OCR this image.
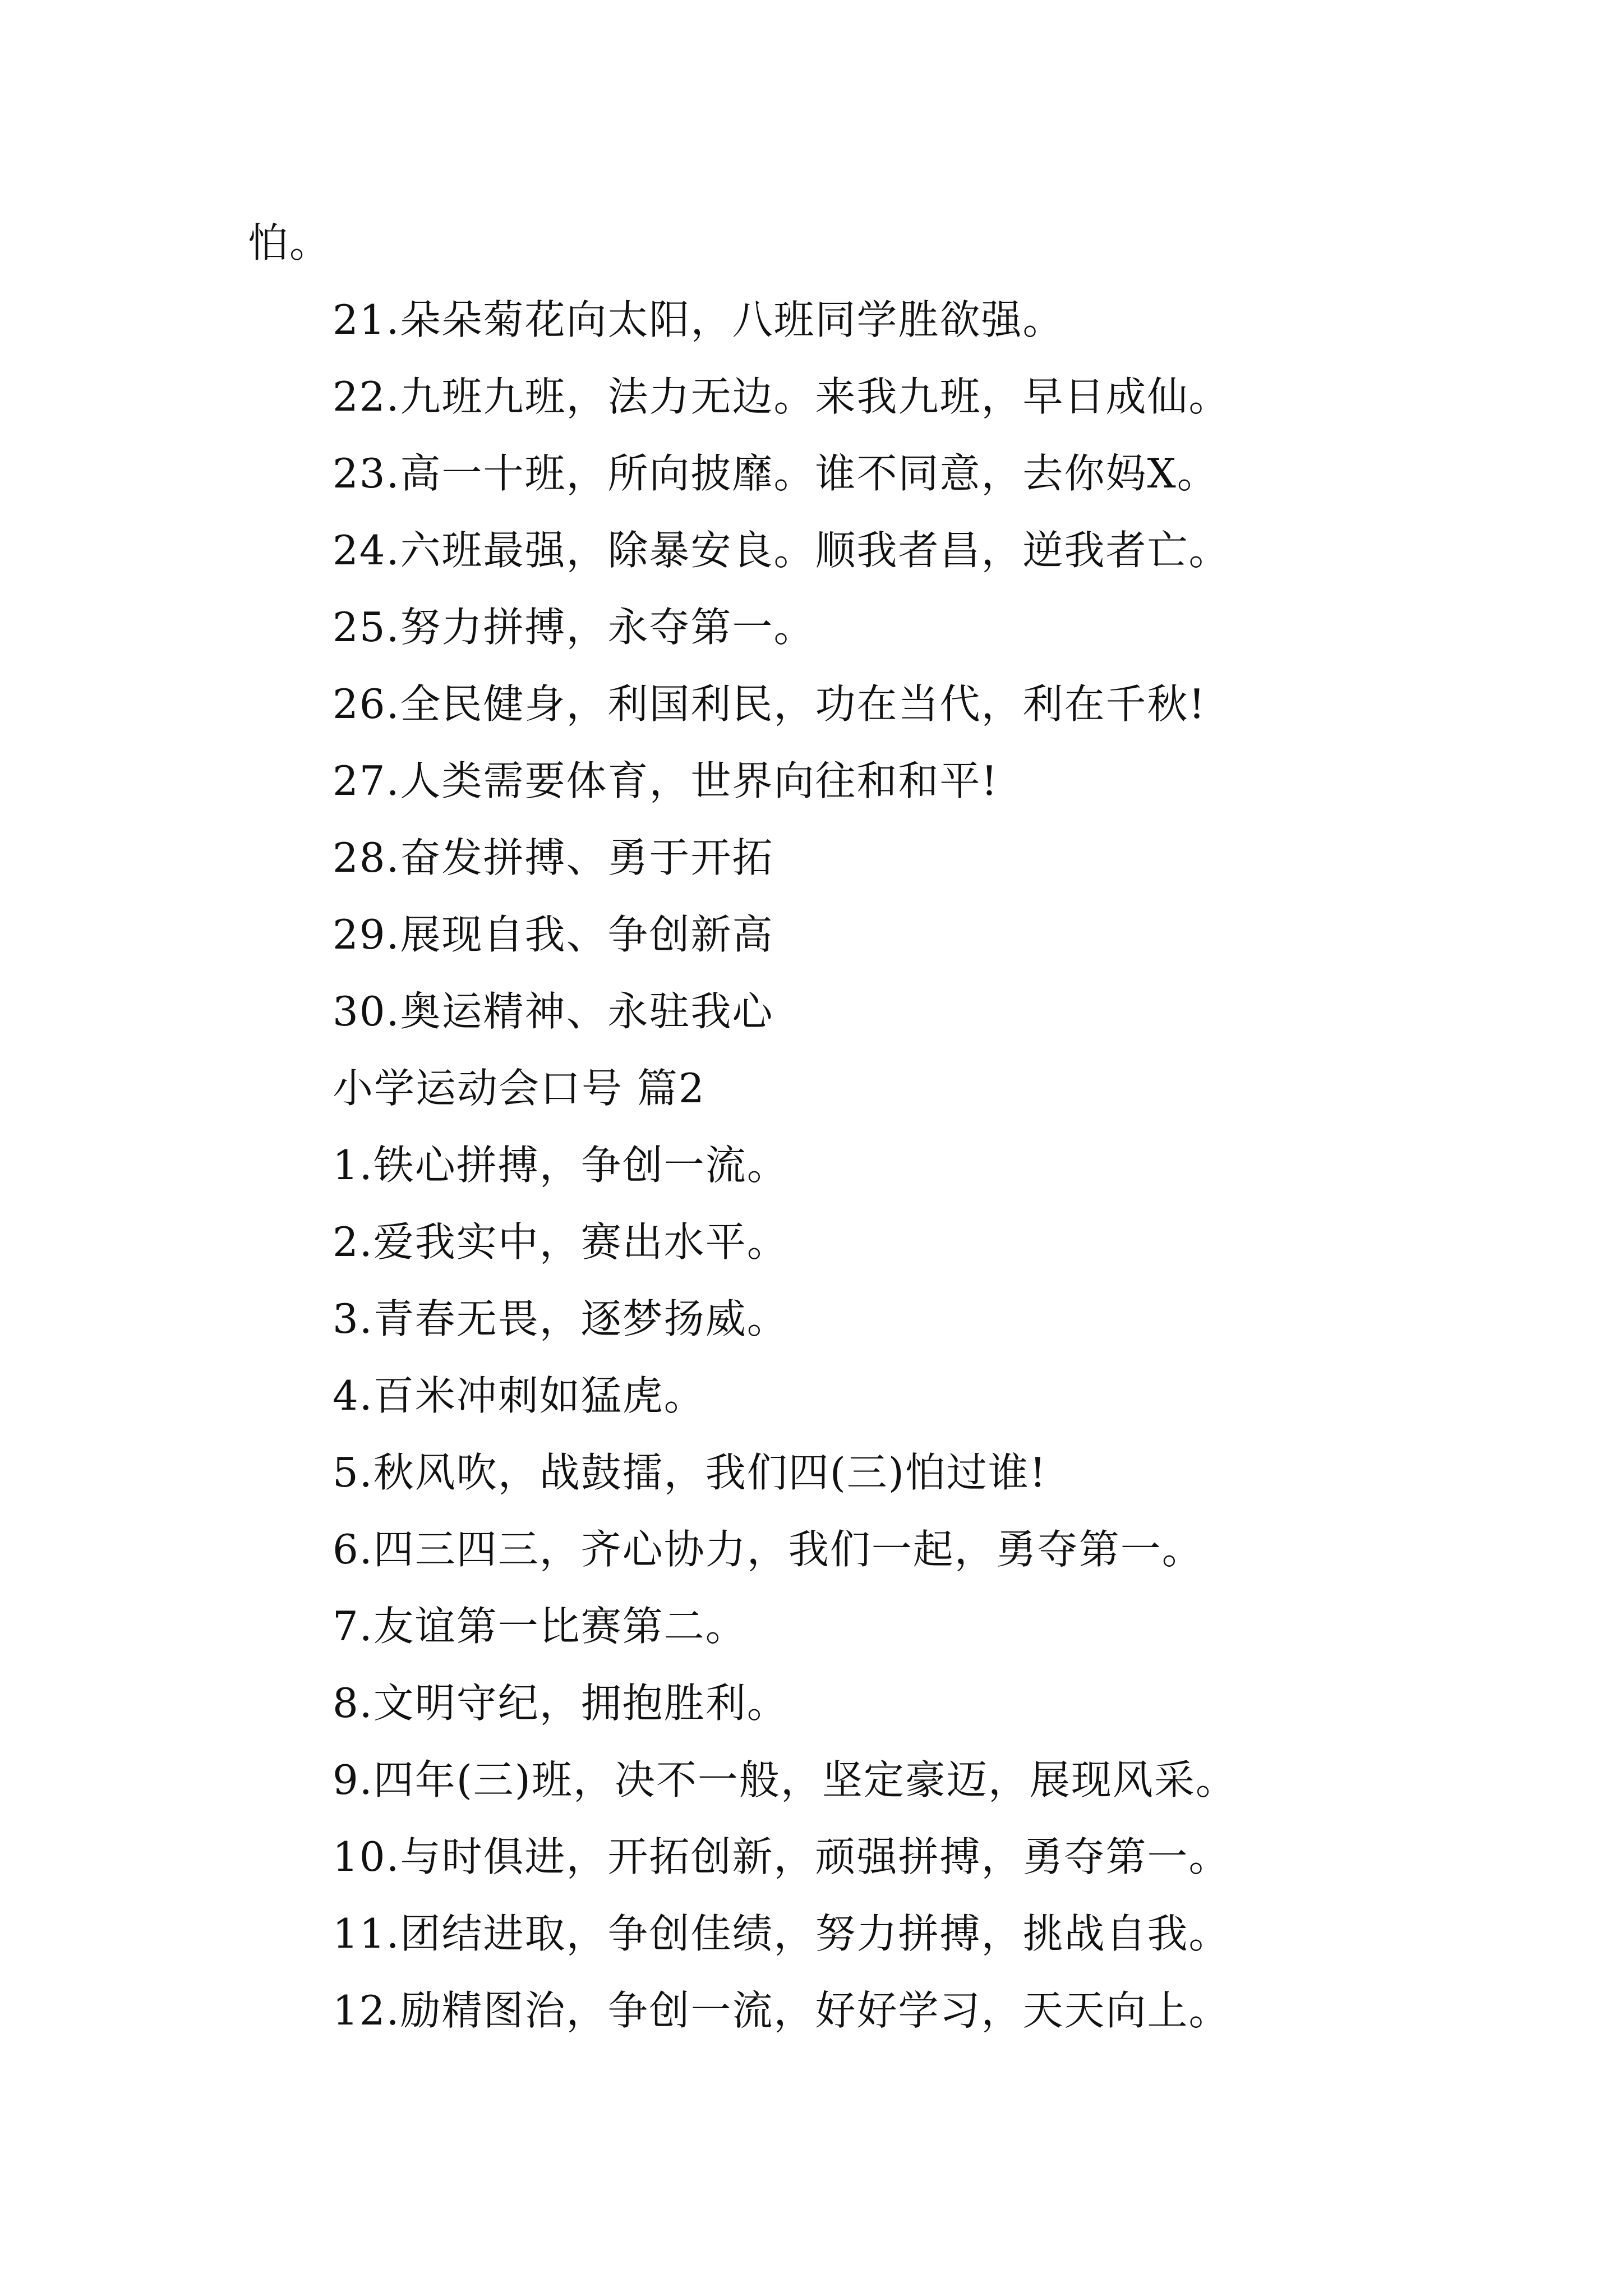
怕。
21.朵朵菊花向太阳，八班同学胜欲强。
22.九班九班，法力无边。来我九班，早日成仙。
23.高一十班，所向披靡。谁不同意，去你妈X。
24.六班最强，除暴安良。顺我者昌，逆我者亡。
25.努力拼搏，永夺第一。
26.全民健身，利国利民，功在当代，利在千秋!
27.人类需要体育，世界向往和和平!
28.奋发拼搏、勇于开拓
29.展现自我、争创新高
30.奥运精神、永驻我心
小学运动会口号 篇2
1.铁心拼搏，争创一流。
2.爱我实中，赛出水平。
3.青春无畏，逐梦扬威。
4.百米冲刺如猛虎。
5.秋风吹，战鼓擂，我们四(三)怕过谁!
6.四三四三，齐心协力，我们一起，勇夺第一。
7.友谊第一比赛第二。
8.文明守纪，拥抱胜利。
9.四年(三)班，决不一般，坚定豪迈，展现风采。
10.与时俱进，开拓创新，顽强拼搏，勇夺第一。
11.团结进取，争创佳绩，努力拼搏，挑战自我。
12.励精图治，争创一流，好好学习，天天向上。
